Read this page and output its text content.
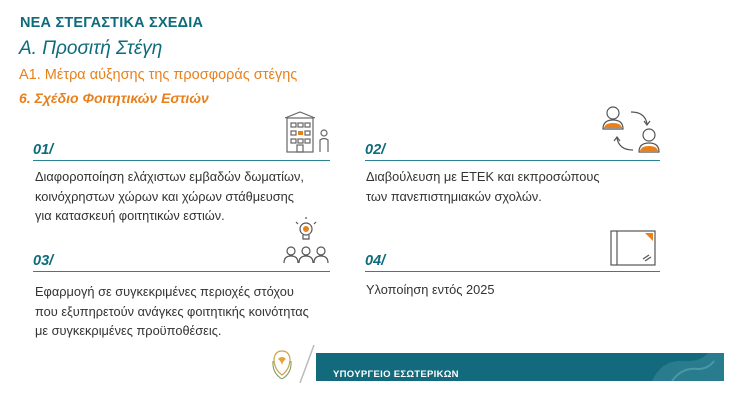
ΝΕΑ ΣΤΕΓΑΣΤΙΚΑ ΣΧΕΔΙΑ
Α. Προσιτή Στέγη
Α1. Μέτρα αύξησης της προσφοράς στέγης
6. Σχέδιο Φοιτητικών Εστιών
01/
Διαφοροποίηση ελάχιστων εμβαδών δωματίων,
κοινόχρηστων χώρων και χώρων στάθμευσης
για κατασκευή φοιτητικών εστιών.
02/
Διαβούλευση με ΕΤΕΚ και εκπροσώπους
των πανεπιστημιακών σχολών.
03/
Εφαρμογή σε συγκεκριμένες περιοχές στόχου
που εξυπηρετούν ανάγκες φοιτητικής κοινότητας
με συγκεκριμένες προϋποθέσεις.
04/
Υλοποίηση εντός 2025
ΥΠΟΥΡΓΕΙΟ ΕΣΩΤΕΡΙΚΩΝ
